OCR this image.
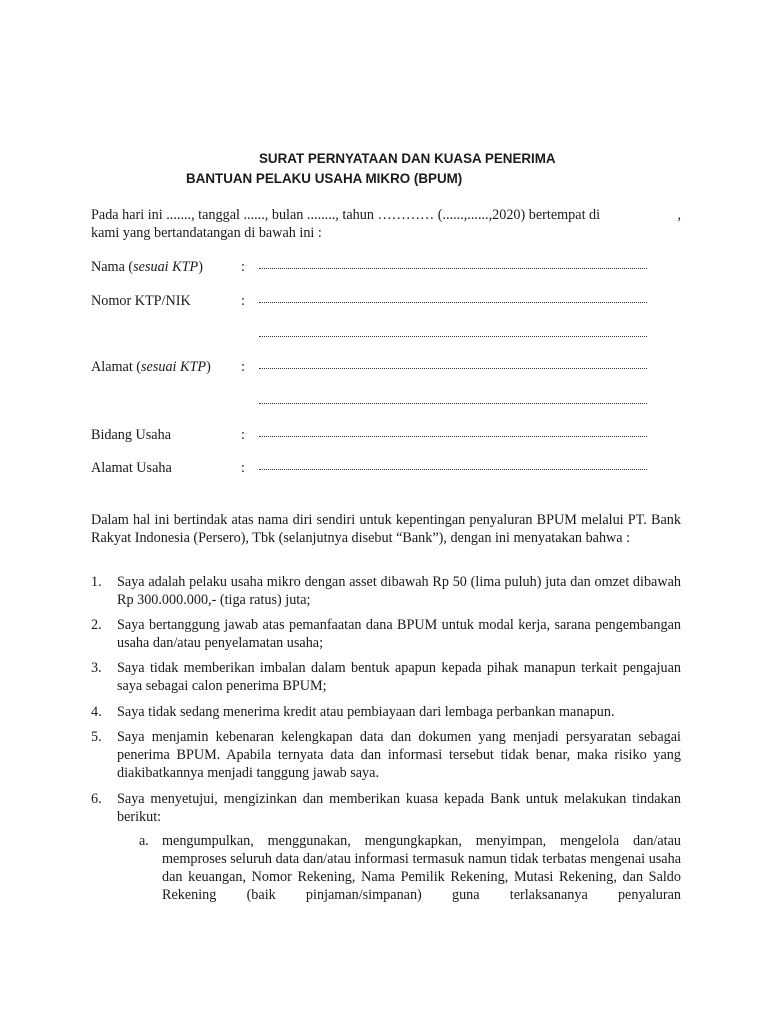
SURAT PERNYATAAN DAN KUASA PENERIMA
BANTUAN PELAKU USAHA MIKRO (BPUM)
Pada hari ini ......., tanggal ......, bulan ........, tahun ………… (......,......,2020) bertempat di	,
kami yang bertandatangan di bawah ini :
Nama (sesuai KTP)	:
Nomor KTP/NIK	:
Alamat (sesuai KTP) :
Bidang Usaha	:
Alamat Usaha	:
Dalam hal ini bertindak atas nama diri sendiri untuk kepentingan penyaluran BPUM melalui PT. Bank Rakyat Indonesia (Persero), Tbk (selanjutnya disebut “Bank”), dengan ini menyatakan bahwa :
1. Saya adalah pelaku usaha mikro dengan asset dibawah Rp 50 (lima puluh) juta dan omzet dibawah Rp 300.000.000,- (tiga ratus) juta;
2. Saya bertanggung jawab atas pemanfaatan dana BPUM untuk modal kerja, sarana pengembangan usaha dan/atau penyelamatan usaha;
3. Saya tidak memberikan imbalan dalam bentuk apapun kepada pihak manapun terkait pengajuan saya sebagai calon penerima BPUM;
4. Saya tidak sedang menerima kredit atau pembiayaan dari lembaga perbankan manapun.
5. Saya menjamin kebenaran kelengkapan data dan dokumen yang menjadi persyaratan sebagai penerima BPUM. Apabila ternyata data dan informasi tersebut tidak benar, maka risiko yang diakibatkannya menjadi tanggung jawab saya.
6. Saya menyetujui, mengizinkan dan memberikan kuasa kepada Bank untuk melakukan tindakan berikut:
a. mengumpulkan, menggunakan, mengungkapkan, menyimpan, mengelola dan/atau memproses seluruh data dan/atau informasi termasuk namun tidak terbatas mengenai usaha dan keuangan, Nomor Rekening, Nama Pemilik Rekening, Mutasi Rekening, dan Saldo Rekening (baik pinjaman/simpanan) guna terlaksananya penyaluran
